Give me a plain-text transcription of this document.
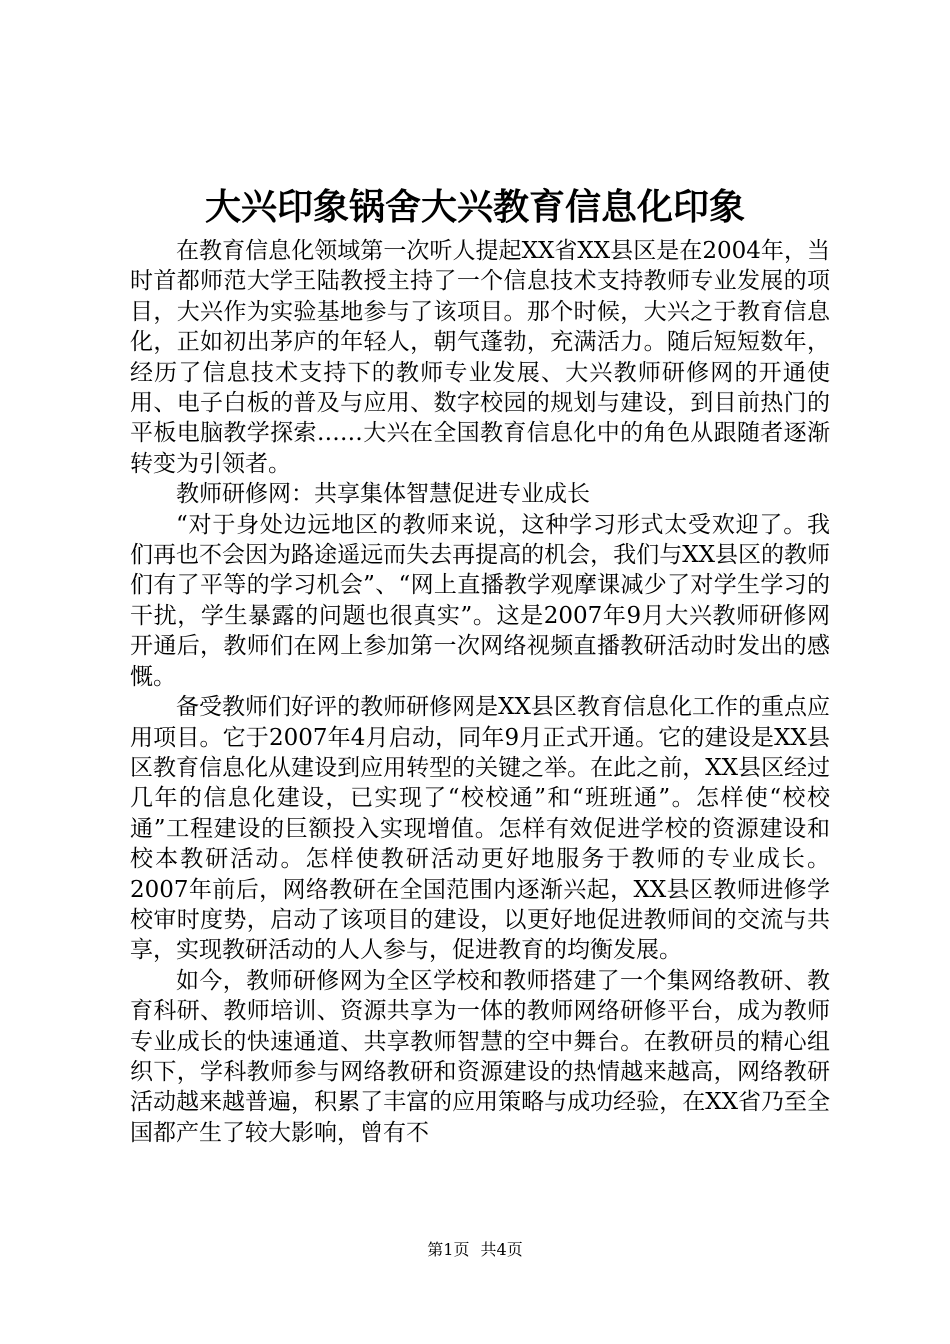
大兴印象锅舍大兴教育信息化印象

在教育信息化领域第一次听人提起XX省XX县区是在2004年，当时首都师范大学王陆教授主持了一个信息技术支持教师专业发展的项目，大兴作为实验基地参与了该项目。那个时候，大兴之于教育信息化，正如初出茅庐的年轻人，朝气蓬勃，充满活力。随后短短数年，经历了信息技术支持下的教师专业发展、大兴教师研修网的开通使用、电子白板的普及与应用、数字校园的规划与建设，到目前热门的平板电脑教学探索……大兴在全国教育信息化中的角色从跟随者逐渐转变为引领者。

教师研修网：共享集体智慧促进专业成长

“对于身处边远地区的教师来说，这种学习形式太受欢迎了。我们再也不会因为路途遥远而失去再提高的机会，我们与XX县区的教师们有了平等的学习机会”、“网上直播教学观摩课减少了对学生学习的干扰，学生暴露的问题也很真实”。这是2007年9月大兴教师研修网开通后，教师们在网上参加第一次网络视频直播教研活动时发出的感慨。

备受教师们好评的教师研修网是XX县区教育信息化工作的重点应用项目。它于2007年4月启动，同年9月正式开通。它的建设是XX县区教育信息化从建设到应用转型的关键之举。在此之前，XX县区经过几年的信息化建设，已实现了“校校通”和“班班通”。怎样使“校校通”工程建设的巨额投入实现增值。怎样有效促进学校的资源建设和校本教研活动。怎样使教研活动更好地服务于教师的专业成长。2007年前后，网络教研在全国范围内逐渐兴起，XX县区教师进修学校审时度势，启动了该项目的建设，以更好地促进教师间的交流与共享，实现教研活动的人人参与，促进教育的均衡发展。

如今，教师研修网为全区学校和教师搭建了一个集网络教研、教育科研、教师培训、资源共享为一体的教师网络研修平台，成为教师专业成长的快速通道、共享教师智慧的空中舞台。在教研员的精心组织下，学科教师参与网络教研和资源建设的热情越来越高，网络教研活动越来越普遍，积累了丰富的应用策略与成功经验，在XX省乃至全国都产生了较大影响，曾有不

第1页 共4页
